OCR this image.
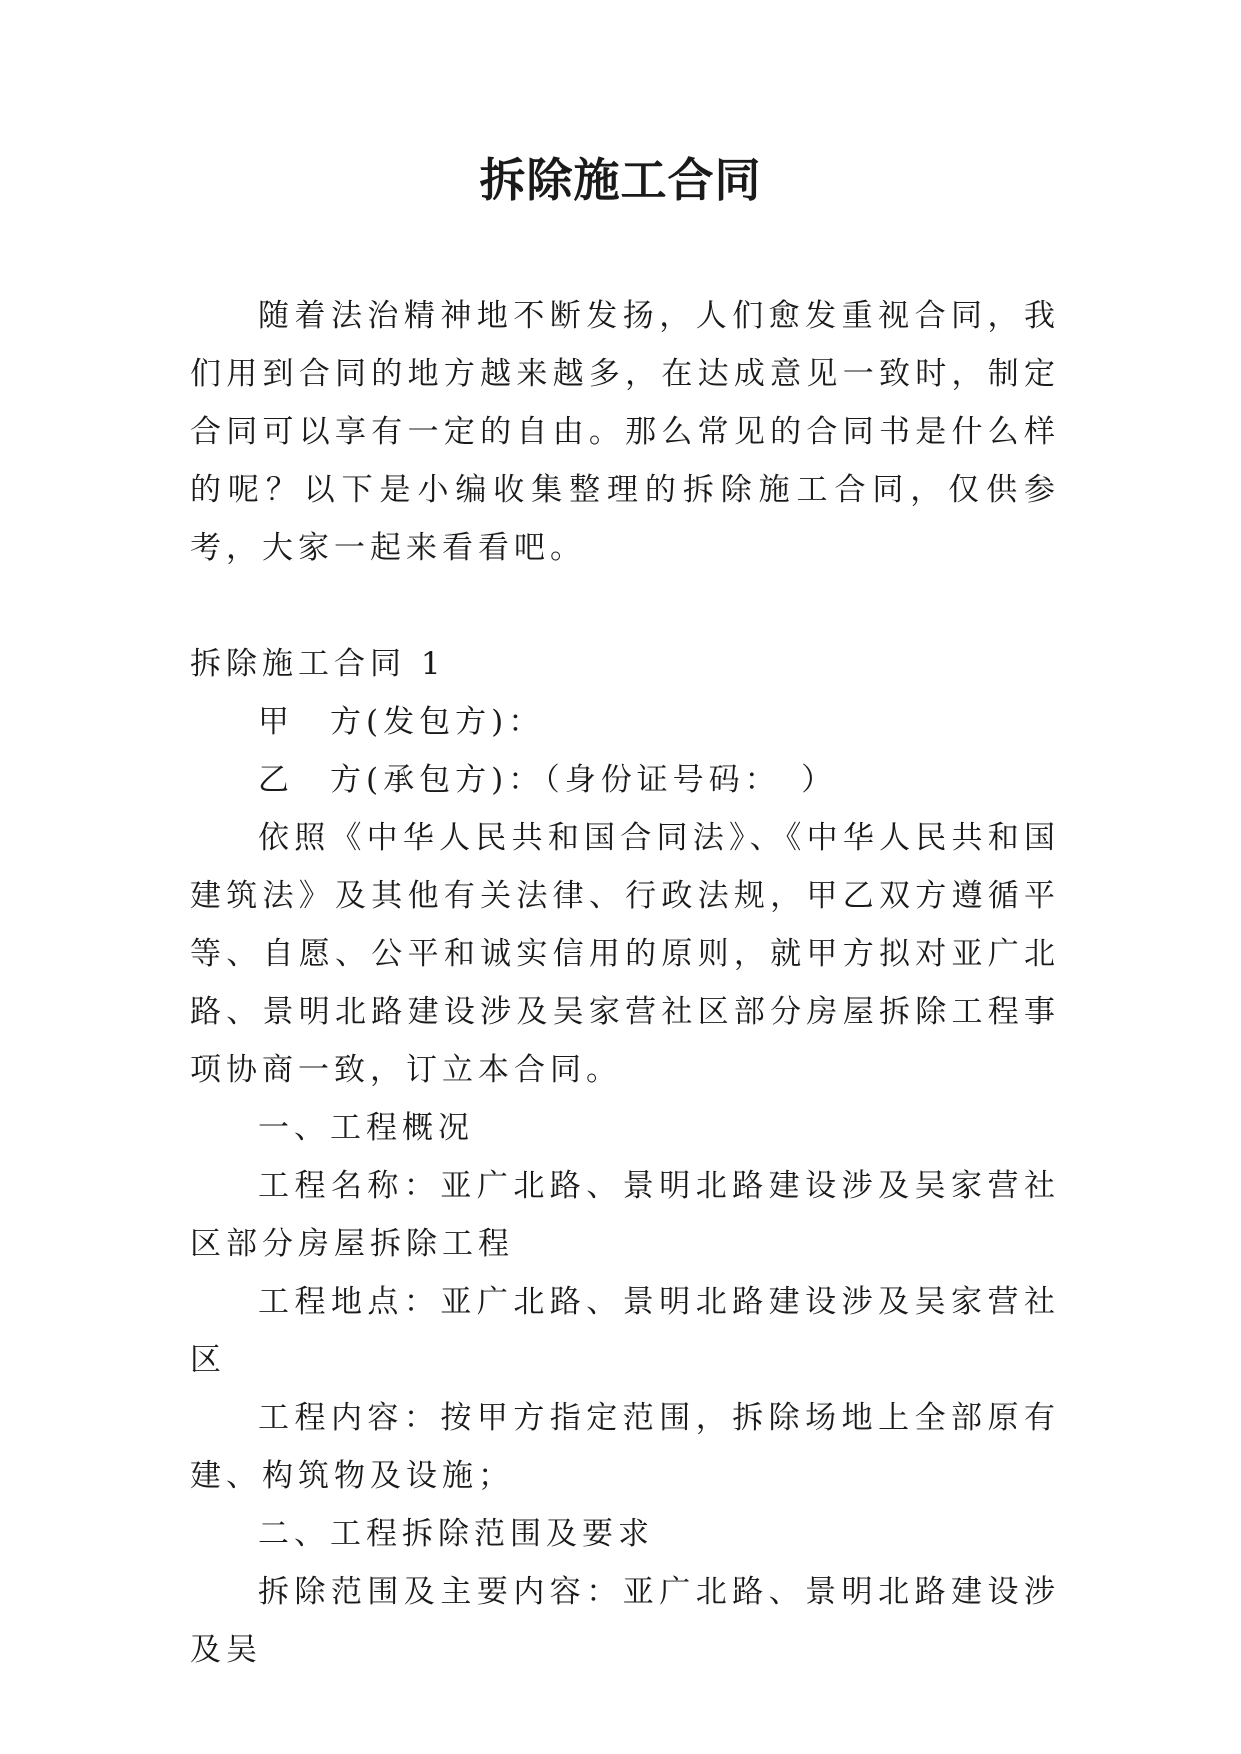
拆除施工合同

随着法治精神地不断发扬，人们愈发重视合同，我们用到合同的地方越来越多，在达成意见一致时，制定合同可以享有一定的自由。那么常见的合同书是什么样的呢？以下是小编收集整理的拆除施工合同，仅供参考，大家一起来看看吧。

拆除施工合同 1

甲　方(发包方)：

乙　方(承包方)：（身份证号码：　）

依照《中华人民共和国合同法》、《中华人民共和国建筑法》及其他有关法律、行政法规，甲乙双方遵循平等、自愿、公平和诚实信用的原则，就甲方拟对亚广北路、景明北路建设涉及吴家营社区部分房屋拆除工程事项协商一致，订立本合同。

一、工程概况

工程名称：亚广北路、景明北路建设涉及吴家营社区部分房屋拆除工程

工程地点：亚广北路、景明北路建设涉及吴家营社区

工程内容：按甲方指定范围，拆除场地上全部原有建、构筑物及设施；

二、工程拆除范围及要求

拆除范围及主要内容：亚广北路、景明北路建设涉及吴
